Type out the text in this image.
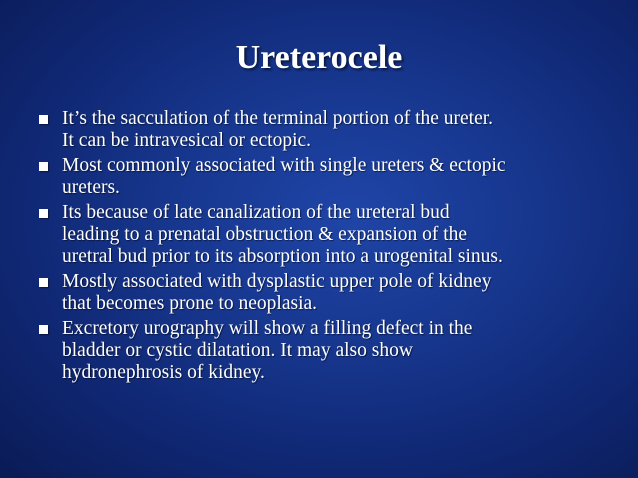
Ureterocele
It’s the sacculation of the terminal portion of the ureter.
It can be intravesical or ectopic.
Most commonly associated with single ureters & ectopic
ureters.
Its because of late canalization of the ureteral bud
leading to a prenatal obstruction & expansion of the
uretral bud prior to its absorption into a urogenital sinus.
Mostly associated with dysplastic upper pole of kidney
that becomes prone to neoplasia.
Excretory urography will show a filling defect in the
bladder or cystic dilatation. It may also show
hydronephrosis of kidney.
